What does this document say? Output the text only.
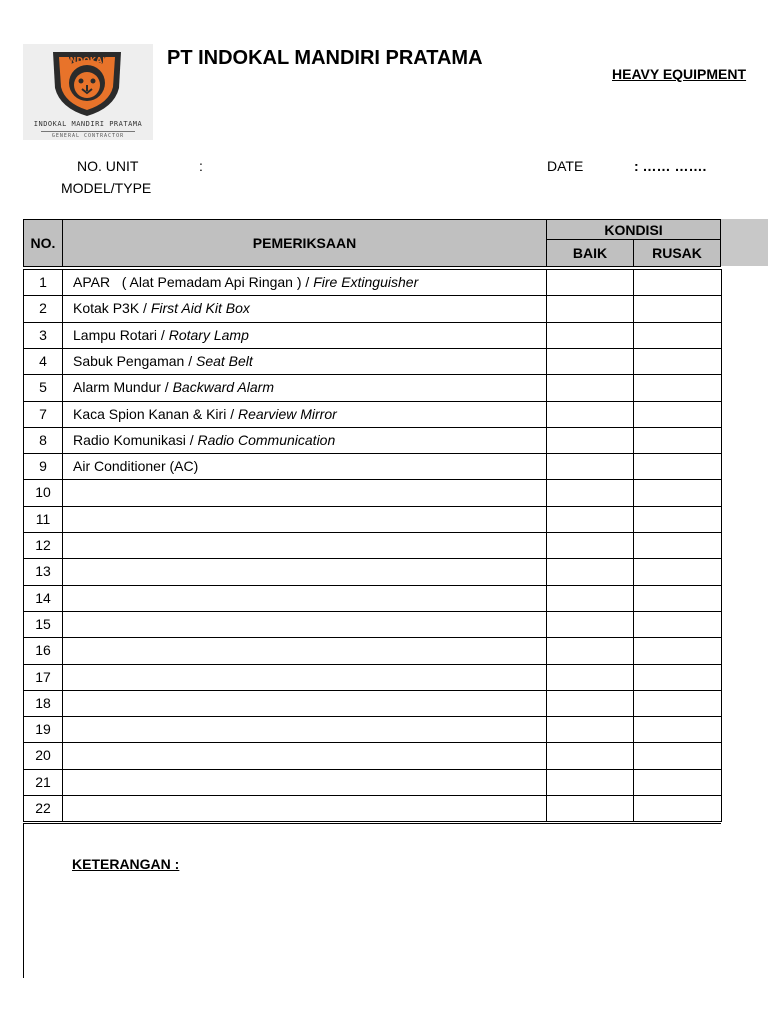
INDOKAL
INDOKAL MANDIRI PRATAMA
GENERAL CONTRACTOR
PT INDOKAL MANDIRI PRATAMA
HEAVY EQUIPMENT
NO. UNIT	:
MODEL/TYPE
DATE	: …… …….
NO.	PEMERIKSAAN
KONDISI
BAIK	RUSAK
1	APAR   ( Alat Pemadam Api Ringan ) / Fire Extinguisher
2	Kotak P3K / First Aid Kit Box
3	Lampu Rotari / Rotary Lamp
4	Sabuk Pengaman / Seat Belt
5	Alarm Mundur / Backward Alarm
7	Kaca Spion Kanan & Kiri / Rearview Mirror
8	Radio Komunikasi / Radio Communication
9	Air Conditioner (AC)
10
11
12
13
14
15
16
17
18
19
20
21
22
KETERANGAN :
